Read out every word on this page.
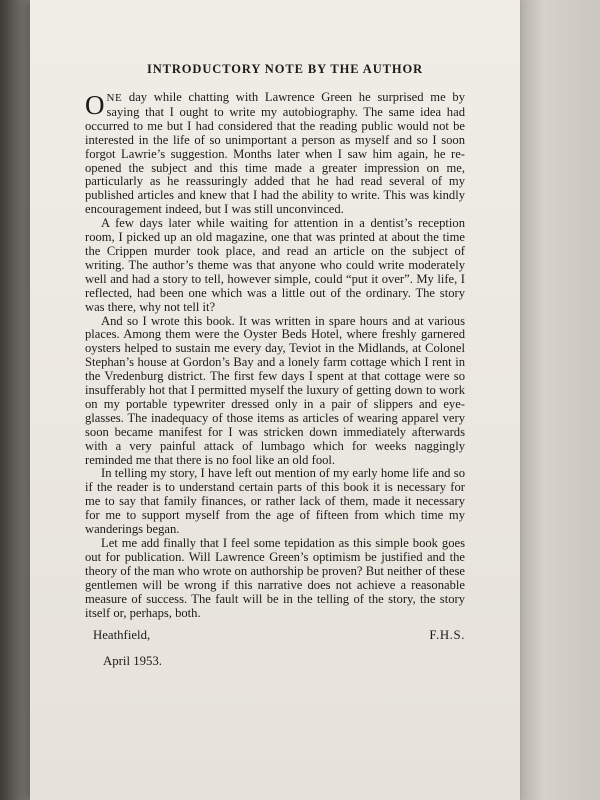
INTRODUCTORY NOTE BY THE AUTHOR

ONE day while chatting with Lawrence Green he surprised me by saying that I ought to write my autobiography. The same idea had occurred to me but I had considered that the reading public would not be interested in the life of so unimportant a person as myself and so I soon forgot Lawrie’s suggestion. Months later when I saw him again, he re-opened the subject and this time made a greater impression on me, particularly as he reassuringly added that he had read several of my published articles and knew that I had the ability to write. This was kindly encouragement indeed, but I was still unconvinced.

A few days later while waiting for attention in a dentist’s reception room, I picked up an old magazine, one that was printed at about the time the Crippen murder took place, and read an article on the subject of writing. The author’s theme was that anyone who could write moderately well and had a story to tell, however simple, could “put it over”. My life, I reflected, had been one which was a little out of the ordinary. The story was there, why not tell it?

And so I wrote this book. It was written in spare hours and at various places. Among them were the Oyster Beds Hotel, where freshly garnered oysters helped to sustain me every day, Teviot in the Midlands, at Colonel Stephan’s house at Gordon’s Bay and a lonely farm cottage which I rent in the Vredenburg district. The first few days I spent at that cottage were so insufferably hot that I permitted myself the luxury of getting down to work on my portable typewriter dressed only in a pair of slippers and eye-glasses. The inadequacy of those items as articles of wearing apparel very soon became manifest for I was stricken down immediately afterwards with a very painful attack of lumbago which for weeks naggingly reminded me that there is no fool like an old fool.

In telling my story, I have left out mention of my early home life and so if the reader is to understand certain parts of this book it is necessary for me to say that family finances, or rather lack of them, made it necessary for me to support myself from the age of fifteen from which time my wanderings began.

Let me add finally that I feel some tepidation as this simple book goes out for publication. Will Lawrence Green’s optimism be justified and the theory of the man who wrote on authorship be proven? But neither of these gentlemen will be wrong if this narrative does not achieve a reasonable measure of success. The fault will be in the telling of the story, the story itself or, perhaps, both.

Heathfield,	F.H.S.
April 1953.
